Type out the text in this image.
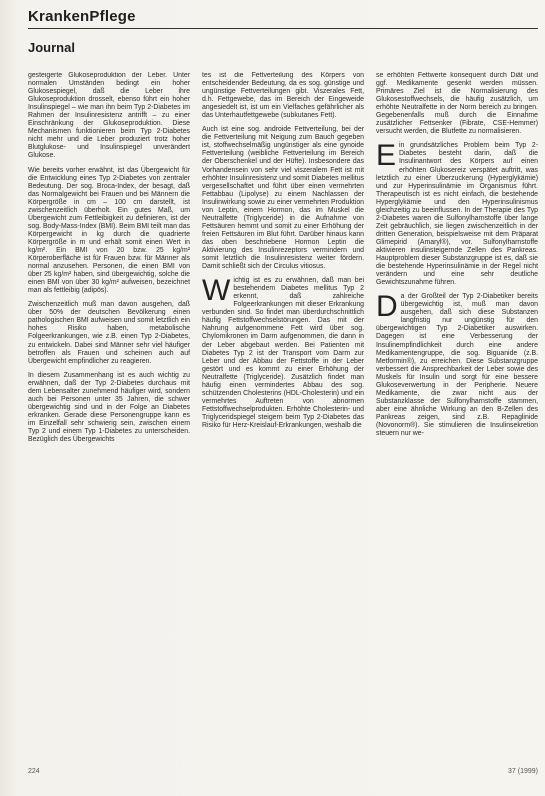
KrankenPflege

Journal

gesteigerte Glukoseproduktion der Leber. Unter normalen Umständen bedingt ein hoher Glukosespiegel, daß die Leber ihre Glukoseproduktion drosselt, ebenso führt ein hoher Insulinspiegel – wie man ihn beim Typ 2-Diabetes im Rahmen der Insulinresistenz antrifft – zu einer Einschränkung der Glukoseproduktion. Diese Mechanismen funktionieren beim Typ 2-Diabetes nicht mehr und die Leber produziert trotz hoher Blutglukose- und Insulinspiegel unverändert Glukose.

Wie bereits vorher erwähnt, ist das Übergewicht für die Entwicklung eines Typ 2-Diabetes von zentraler Bedeutung. Der sog. Broca-Index, der besagt, daß das Normalgewicht bei Frauen und bei Männern die Körpergröße in cm – 100 cm darstellt, ist zwischenzeitlich überholt. Ein gutes Maß, um Übergewicht zum Fettleibigkeit zu definieren, ist der sog. Body-Mass-Index (BMI). Beim BMI teilt man das Körpergewicht in kg durch die quadrierte Körpergröße in m und erhält somit einen Wert in kg/m². Ein BMI von 20 bzw. 25 kg/m² Körperoberfläche ist für Frauen bzw. für Männer als normal anzusehen. Personen, die einen BMI von über 25 kg/m² haben, sind übergewichtig, solche die einen BMI von über 30 kg/m² aufweisen, bezeichnet man als fettleibig (adipös).

Zwischenzeitlich muß man davon ausgehen, daß über 50% der deutschen Bevölkerung einen pathologischen BMI aufweisen und somit letztlich ein hohes Risiko haben, metabolische Folgeerkrankungen, wie z.B. einen Typ 2-Diabetes, zu entwickeln. Dabei sind Männer sehr viel häufiger betroffen als Frauen und scheinen auch auf Übergewicht empfindlicher zu reagieren.

In diesem Zusammenhang ist es auch wichtig zu erwähnen, daß der Typ 2-Diabetes durchaus mit dem Lebensalter zunehmend häufiger wird, sondern auch bei Personen unter 35 Jahren, die schwer übergewichtig sind und in der Folge an Diabetes erkranken. Gerade diese Personengruppe kann es im Einzelfall sehr schwierig sein, zwischen einem Typ 2 und einem Typ 1-Diabetes zu unterscheiden. Bezüglich des Übergewichts

tes ist die Fettverteilung des Körpers von entscheidender Bedeutung, da es sog. günstige und ungünstige Fettverteilungen gibt. Viszerales Fett, d.h. Fettgewebe, das im Bereich der Eingeweide angesiedelt ist, ist um ein Vielfaches gefährlicher als das Unterhautfettgewebe (subkutanes Fett).

Auch ist eine sog. androide Fettverteilung, bei der die Fettverteilung mit Neigung zum Bauch gegeben ist, stoffwechselmäßig ungünstiger als eine gynoide Fettverteilung (weibliche Fettverteilung im Bereich der Oberschenkel und der Hüfte). Insbesondere das Vorhandensein von sehr viel viszeralem Fett ist mit erhöhter Insulinresistenz und somit Diabetes mellitus vergesellschaftet und führt über einen vermehrten Fettabbau (Lipolyse) zu einem Nachlassen der Insulinwirkung sowie zu einer vermehrten Produktion von Leptin, einem Hormon, das im Muskel die Neutralfette (Triglyceride) in die Aufnahme von Fettsäuren hemmt und somit zu einer Erhöhung der freien Fettsäuren im Blut führt. Darüber hinaus kann das oben beschriebene Hormon Leptin die Aktivierung des Insulinrezeptors vermindern und somit letztlich die Insulinresistenz weiter fördern. Damit schließt sich der Circulus vitiosus.

Wichtig ist es zu erwähnen, daß man bei bestehendem Diabetes mellitus Typ 2 erkennt, daß zahlreiche Folgeerkrankungen mit dieser Erkrankung verbunden sind. So findet man überdurchschnittlich häufig Fettstoffwechselstörungen. Das mit der Nahrung aufgenommene Fett wird über sog. Chylomikronen im Darm aufgenommen, die dann in der Leber abgebaut werden. Bei Patienten mit Diabetes Typ 2 ist der Transport vom Darm zur Leber und der Abbau der Fettstoffe in der Leber gestört und es kommt zu einer Erhöhung der Neutralfette (Triglyceride). Zusätzlich findet man häufig einen vermindertes Abbau des sog. schützenden Cholesterins (HDL-Cholesterin) und ein vermehrtes Auftreten von abnormen Fettstoffwechselprodukten. Erhöhte Cholesterin- und Triglyceridspiegel steigern beim Typ 2-Diabetes das Risiko für Herz-Kreislauf-Erkrankungen, weshalb die

se erhöhten Fettwerte konsequent durch Diät und ggf. Medikamente gesenkt werden müssen. Primäres Ziel ist die Normalisierung des Glukosestoffwechsels, die häufig zusätzlich, um erhöhte Neutralfette in der Norm bereich zu bringen. Gegebenenfalls muß durch die Einnahme zusätzlicher Fettsenker (Fibrate, CSE-Hemmer) versucht werden, die Blutfette zu normalisieren.

Ein grundsätzliches Problem beim Typ 2-Diabetes besteht darin, daß die Insulinantwort des Körpers auf einen erhöhten Glukosereiz verspätet auftritt, was letztlich zu einer Überzuckerung (Hyperglykämie) und zur Hyperinsulinämie im Organismus führt. Therapeutisch ist es nicht einfach, die bestehende Hyperglykämie und den Hyperinsulinismus gleichzeitig zu beeinflussen. In der Therapie des Typ 2-Diabetes waren die Sulfonylharnstoffe über lange Zeit gebräuchlich, sie liegen zwischenzeitlich in der dritten Generation, beispielsweise mit dem Präparat Glimepirid (Amaryl®), vor. Sulfonylharnstoffe aktivieren insulinsteigernde Zellen des Pankreas. Hauptproblem dieser Substanzgruppe ist es, daß sie die bestehende Hyperinsulinämie in der Regel nicht verändern und eine sehr deutliche Gewichtszunahme führen.

Da der Großteil der Typ 2-Diabetiker bereits übergewichtig ist, muß man davon ausgehen, daß sich diese Substanzen langfristig nur ungünstig für den übergewichtigen Typ 2-Diabetiker auswirken. Dagegen ist eine Verbesserung der Insulinempfindlichkeit durch eine andere Medikamentengruppe, die sog. Biguanide (z.B. Metformin®), zu erreichen. Diese Substanzgruppe verbessert die Ansprechbarkeit der Leber sowie des Muskels für Insulin und sorgt für eine bessere Glukoseverwertung in der Peripherie. Neuere Medikamente, die zwar nicht aus der Substanzklasse der Sulfonylharnstoffe stammen, aber eine ähnliche Wirkung an den B-Zellen des Pankreas zeigen, sind z.B. Repaglinide (Novonorm®). Sie stimulieren die Insulinsekretion steuern nur we-

224	37 (1999)
